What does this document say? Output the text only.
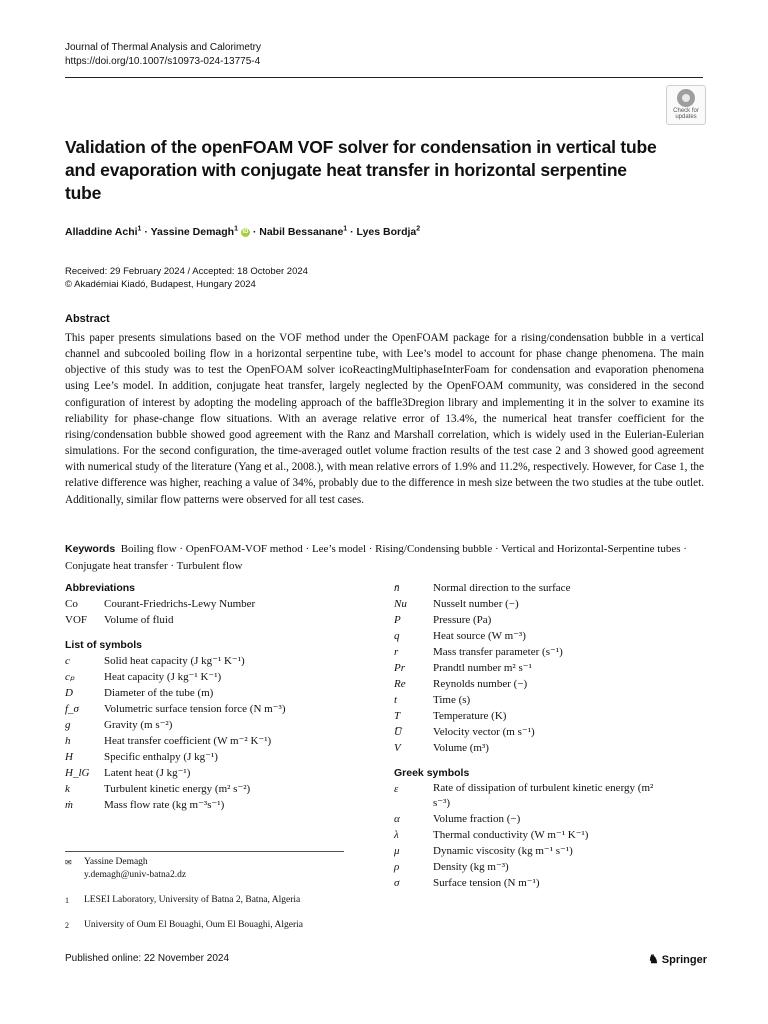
Journal of Thermal Analysis and Calorimetry
https://doi.org/10.1007/s10973-024-13775-4
Check for
updates
Validation of the openFOAM VOF solver for condensation in vertical tube and evaporation with conjugate heat transfer in horizontal serpentine tube
Alladdine Achi$^1$ · Yassine Demagh$^1$ iD · Nabil Bessanane$^1$ · Lyes Bordja$^2$
Received: 29 February 2024 / Accepted: 18 October 2024
© Akadémiai Kiadó, Budapest, Hungary 2024
Abstract
This paper presents simulations based on the VOF method under the OpenFOAM package for a rising/condensation bubble in a vertical channel and subcooled boiling flow in a horizontal serpentine tube, with Lee’s model to account for phase change phenomena. The main objective of this study was to test the OpenFOAM solver icoReactingMultiphaseInterFoam for condensation and evaporation phenomena using Lee’s model. In addition, conjugate heat transfer, largely neglected by the OpenFOAM community, was considered in the second configuration of interest by adopting the modeling approach of the baffle3Dregion library and implementing it in the solver to examine its reliability for phase-change flow situations. With an average relative error of 13.4%, the numerical heat transfer coefficient for the rising/condensation bubble showed good agreement with the Ranz and Marshall correlation, which is widely used in the Eulerian-Eulerian simulations. For the second configuration, the time-averaged outlet volume fraction results of the test case 2 and 3 showed good agreement with numerical study of the literature (Yang et al., 2008.), with mean relative errors of 1.9% and 11.2%, respectively. However, for Case 1, the relative difference was higher, reaching a value of 34%, probably due to the difference in mesh size between the two studies at the tube outlet. Additionally, similar flow patterns were observed for all test cases.
Keywords Boiling flow · OpenFOAM-VOF method · Lee’s model · Rising/Condensing bubble · Vertical and Horizontal-Serpentine tubes · Conjugate heat transfer · Turbulent flow
Abbreviations
Co Courant-Friedrichs-Lewy Number
VOF Volume of fluid
List of symbols
c	Solid heat capacity (J kg⁻¹ K⁻¹)
cₚ	Heat capacity (J kg⁻¹ K⁻¹)
D	Diameter of the tube (m)
f_σ Volumetric surface tension force (N m⁻³)
g	Gravity (m s⁻²)
h	Heat transfer coefficient (W m⁻² K⁻¹)
H	Specific enthalpy (J kg⁻¹)
H_lG Latent heat (J kg⁻¹)
k	Turbulent kinetic energy (m² s⁻²)
ṁ	Mass flow rate (kg m⁻³s⁻¹)
n̄	Normal direction to the surface
Nu Nusselt number (−)
P	Pressure (Pa)
q	Heat source (W m⁻³)
r	Mass transfer parameter (s⁻¹)
Pr	Prandtl number m² s⁻¹
Re Reynolds number (−)
t	Time (s)
T	Temperature (K)
U̅	Velocity vector (m s⁻¹)
V	Volume (m³)
Greek symbols
ε	Rate of dissipation of turbulent kinetic energy (m² s⁻³)
α	Volume fraction (−)
λ	Thermal conductivity (W m⁻¹ K⁻¹)
μ	Dynamic viscosity (kg m⁻¹ s⁻¹)
ρ	Density (kg m⁻³)
σ	Surface tension (N m⁻¹)
✉ Yassine Demagh
y.demagh@univ-batna2.dz
1 LESEI Laboratory, University of Batna 2, Batna, Algeria
2 University of Oum El Bouaghi, Oum El Bouaghi, Algeria
Published online: 22 November 2024	♞ Springer
